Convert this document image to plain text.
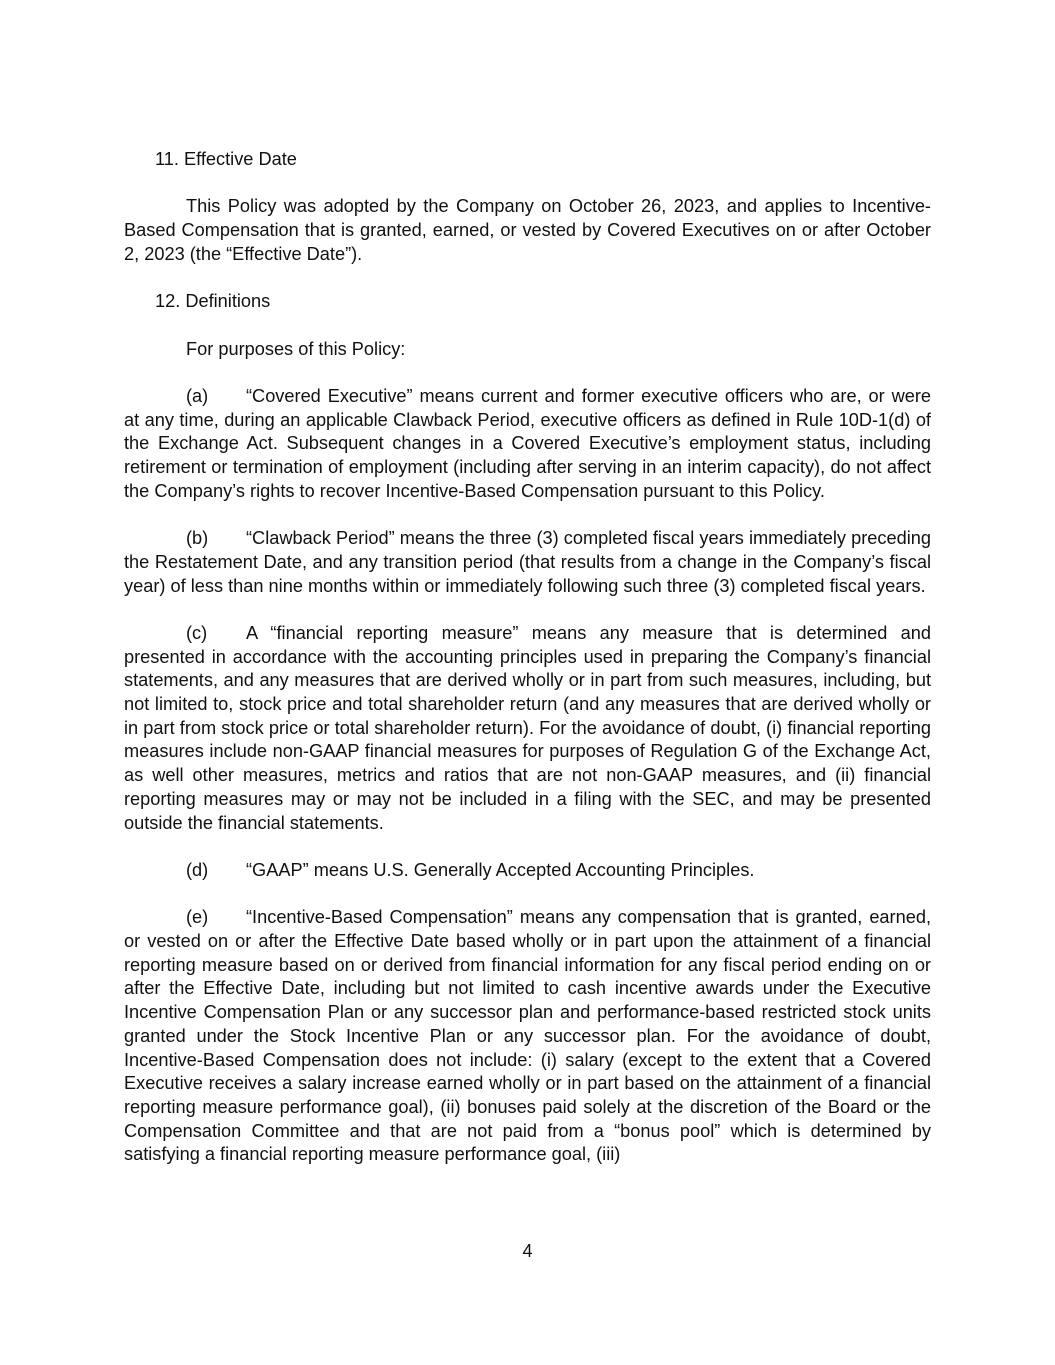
11. Effective Date

This Policy was adopted by the Company on October 26, 2023, and applies to Incentive-Based Compensation that is granted, earned, or vested by Covered Executives on or after October 2, 2023 (the “Effective Date”).

12. Definitions

For purposes of this Policy:

(a) “Covered Executive” means current and former executive officers who are, or were at any time, during an applicable Clawback Period, executive officers as defined in Rule 10D-1(d) of the Exchange Act. Subsequent changes in a Covered Executive’s employment status, including retirement or termination of employment (including after serving in an interim capacity), do not affect the Company’s rights to recover Incentive-Based Compensation pursuant to this Policy.

(b) “Clawback Period” means the three (3) completed fiscal years immediately preceding the Restatement Date, and any transition period (that results from a change in the Company’s fiscal year) of less than nine months within or immediately following such three (3) completed fiscal years.

(c) A “financial reporting measure” means any measure that is determined and presented in accordance with the accounting principles used in preparing the Company’s financial statements, and any measures that are derived wholly or in part from such measures, including, but not limited to, stock price and total shareholder return (and any measures that are derived wholly or in part from stock price or total shareholder return). For the avoidance of doubt, (i) financial reporting measures include non-GAAP financial measures for purposes of Regulation G of the Exchange Act, as well other measures, metrics and ratios that are not non-GAAP measures, and (ii) financial reporting measures may or may not be included in a filing with the SEC, and may be presented outside the financial statements.

(d) “GAAP” means U.S. Generally Accepted Accounting Principles.

(e) “Incentive-Based Compensation” means any compensation that is granted, earned, or vested on or after the Effective Date based wholly or in part upon the attainment of a financial reporting measure based on or derived from financial information for any fiscal period ending on or after the Effective Date, including but not limited to cash incentive awards under the Executive Incentive Compensation Plan or any successor plan and performance-based restricted stock units granted under the Stock Incentive Plan or any successor plan. For the avoidance of doubt, Incentive-Based Compensation does not include: (i) salary (except to the extent that a Covered Executive receives a salary increase earned wholly or in part based on the attainment of a financial reporting measure performance goal), (ii) bonuses paid solely at the discretion of the Board or the Compensation Committee and that are not paid from a “bonus pool” which is determined by satisfying a financial reporting measure performance goal, (iii)

4
